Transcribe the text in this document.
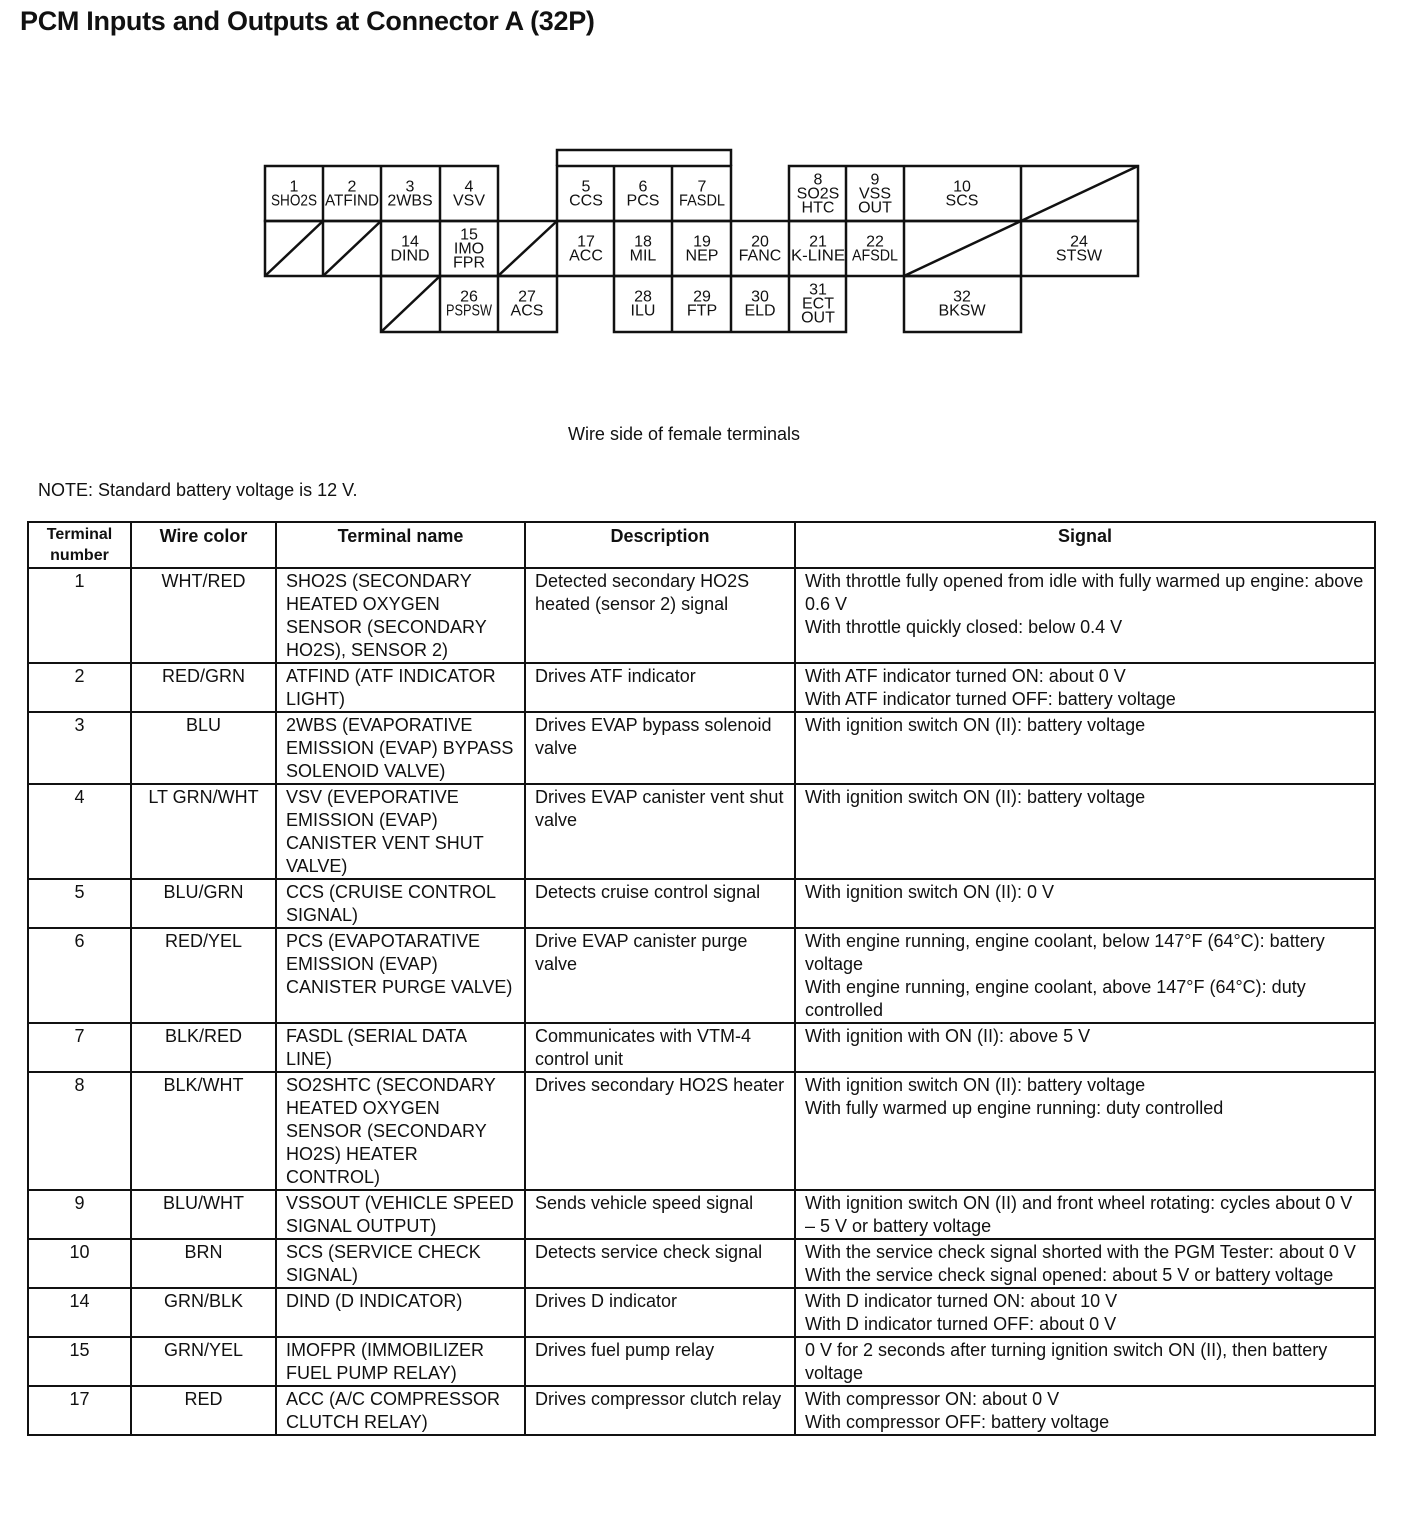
PCM Inputs and Outputs at Connector A (32P)
1 SHO2S
2 ATFIND
3 2WBS
4 VSV
5 CCS
6 PCS
7 FASDL
8 SO2S HTC
9 VSS OUT
10 SCS
14 DIND
15 IMO FPR
17 ACC
18 MIL
19 NEP
20 FANC
21 K-LINE
22 AFSDL
24 STSW
26 PSPSW
27 ACS
28 ILU
29 FTP
30 ELD
31 ECT OUT
32 BKSW
Wire side of female terminals
NOTE: Standard battery voltage is 12 V.
Terminal number	Wire color	Terminal name	Description	Signal
1	WHT/RED	SHO2S (SECONDARY HEATED OXYGEN SENSOR (SECONDARY HO2S), SENSOR 2)	Detected secondary HO2S heated (sensor 2) signal	With throttle fully opened from idle with fully warmed up engine: above 0.6 V
With throttle quickly closed: below 0.4 V

2	RED/GRN	ATFIND (ATF INDICATOR LIGHT)	Drives ATF indicator	With ATF indicator turned ON: about 0 V
With ATF indicator turned OFF: battery voltage

3	BLU	2WBS (EVAPORATIVE EMISSION (EVAP) BYPASS SOLENOID VALVE)	Drives EVAP bypass solenoid valve	With ignition switch ON (II): battery voltage

4	LT GRN/WHT	VSV (EVEPORATIVE EMISSION (EVAP) CANISTER VENT SHUT VALVE)	Drives EVAP canister vent shut valve	With ignition switch ON (II): battery voltage

5	BLU/GRN	CCS (CRUISE CONTROL SIGNAL)	Detects cruise control signal	With ignition switch ON (II): 0 V

6	RED/YEL	PCS (EVAPOTARATIVE EMISSION (EVAP) CANISTER PURGE VALVE)	Drive EVAP canister purge valve	With engine running, engine coolant, below 147°F (64°C): battery voltage
With engine running, engine coolant, above 147°F (64°C): duty controlled

7	BLK/RED	FASDL (SERIAL DATA LINE)	Communicates with VTM-4 control unit	With ignition with ON (II): above 5 V

8	BLK/WHT	SO2SHTC (SECONDARY HEATED OXYGEN SENSOR (SECONDARY HO2S) HEATER CONTROL)	Drives secondary HO2S heater	With ignition switch ON (II): battery voltage
With fully warmed up engine running: duty controlled

9	BLU/WHT	VSSOUT (VEHICLE SPEED SIGNAL OUTPUT)	Sends vehicle speed signal	With ignition switch ON (II) and front wheel rotating: cycles about 0 V – 5 V or battery voltage

10	BRN	SCS (SERVICE CHECK SIGNAL)	Detects service check signal	With the service check signal shorted with the PGM Tester: about 0 V
With the service check signal opened: about 5 V or battery voltage

14	GRN/BLK	DIND (D INDICATOR)	Drives D indicator	With D indicator turned ON: about 10 V
With D indicator turned OFF: about 0 V

15	GRN/YEL	IMOFPR (IMMOBILIZER FUEL PUMP RELAY)	Drives fuel pump relay	0 V for 2 seconds after turning ignition switch ON (II), then battery voltage

17	RED	ACC (A/C COMPRESSOR CLUTCH RELAY)	Drives compressor clutch relay	With compressor ON: about 0 V
With compressor OFF: battery voltage
